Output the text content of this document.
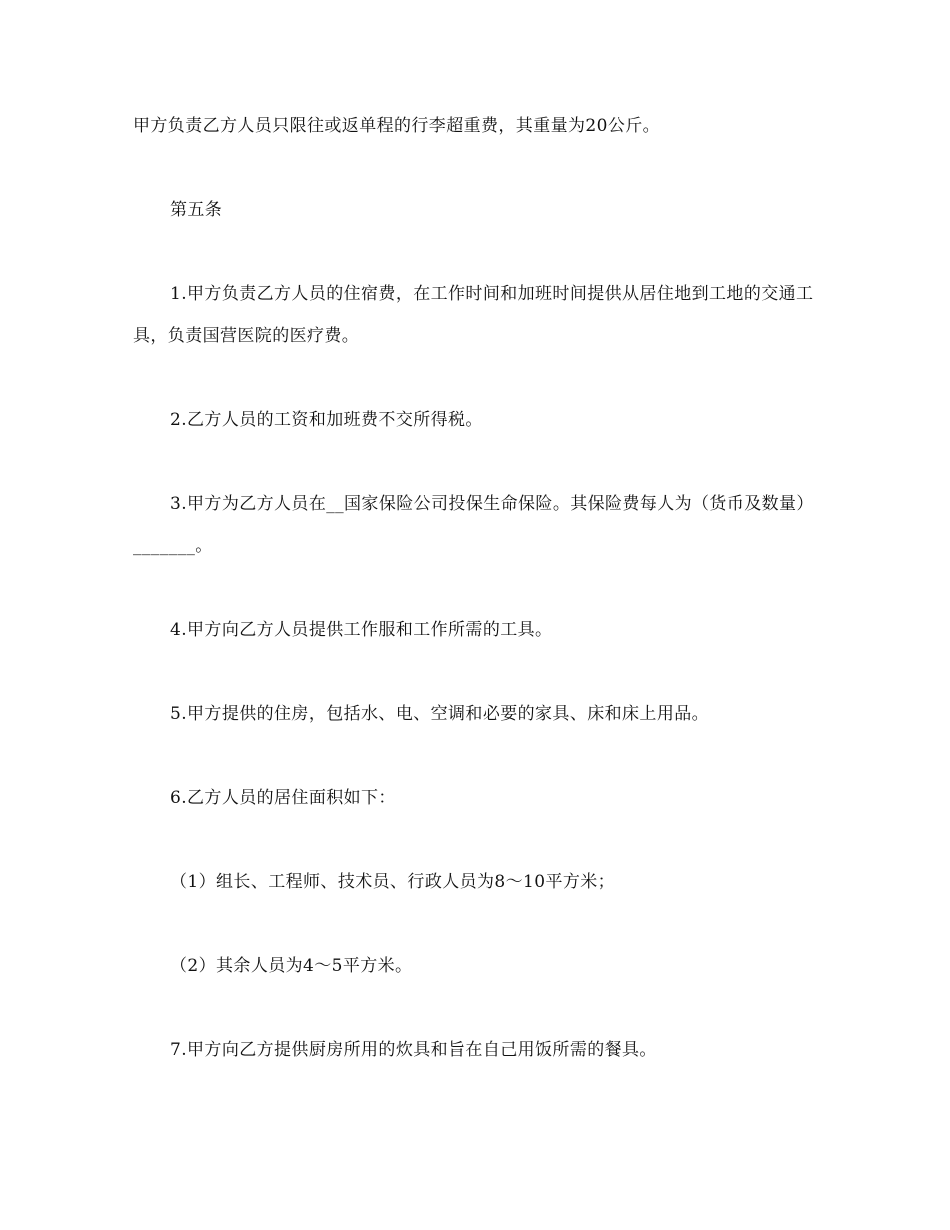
甲方负责乙方人员只限往或返单程的行李超重费，其重量为20公斤。

第五条

1.甲方负责乙方人员的住宿费，在工作时间和加班时间提供从居住地到工地的交通工具，负责国营医院的医疗费。

2.乙方人员的工资和加班费不交所得税。

3.甲方为乙方人员在__国家保险公司投保生命保险。其保险费每人为（货币及数量）_______。

4.甲方向乙方人员提供工作服和工作所需的工具。

5.甲方提供的住房，包括水、电、空调和必要的家具、床和床上用品。

6.乙方人员的居住面积如下：

（1）组长、工程师、技术员、行政人员为8～10平方米；

（2）其余人员为4～5平方米。

7.甲方向乙方提供厨房所用的炊具和旨在自己用饭所需的餐具。
